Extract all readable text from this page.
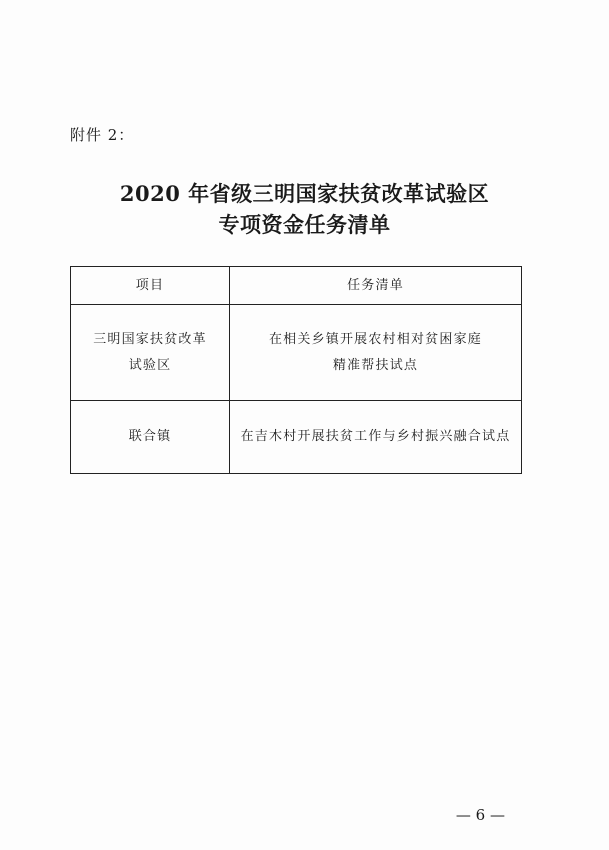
附件 2：
2020 年省级三明国家扶贫改革试验区
专项资金任务清单
项目	任务清单

三明国家扶贫改革
试验区	在相关乡镇开展农村相对贫困家庭
精准帮扶试点

联合镇	在吉木村开展扶贫工作与乡村振兴融合试点
— 6 —
